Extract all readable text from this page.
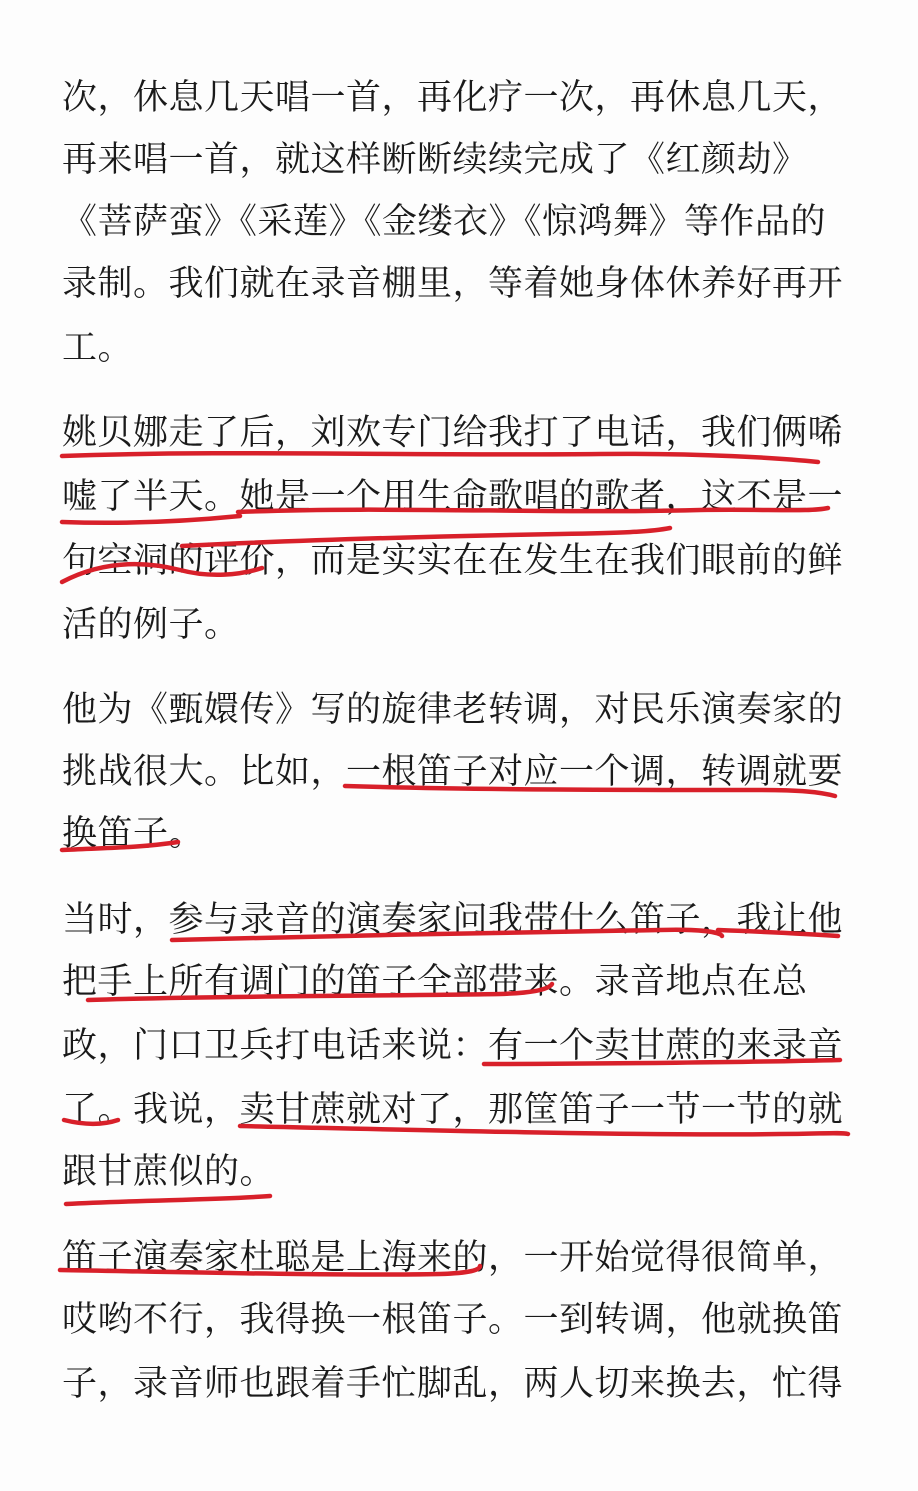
次，休息几天唱一首，再化疗一次，再休息几天，
再来唱一首，就这样断断续续完成了《红颜劫》
《菩萨蛮》《采莲》《金缕衣》《惊鸿舞》等作品的
录制。我们就在录音棚里，等着她身体休养好再开
工。
姚贝娜走了后，刘欢专门给我打了电话，我们俩唏
嘘了半天。她是一个用生命歌唱的歌者，这不是一
句空洞的评价，而是实实在在发生在我们眼前的鲜
活的例子。
他为《甄嬛传》写的旋律老转调，对民乐演奏家的
挑战很大。比如，一根笛子对应一个调，转调就要
换笛子。
当时，参与录音的演奏家问我带什么笛子，我让他
把手上所有调门的笛子全部带来。录音地点在总
政，门口卫兵打电话来说：有一个卖甘蔗的来录音
了。我说，卖甘蔗就对了，那筐笛子一节一节的就
跟甘蔗似的。
笛子演奏家杜聪是上海来的，一开始觉得很简单，
哎哟不行，我得换一根笛子。一到转调，他就换笛
子，录音师也跟着手忙脚乱，两人切来换去，忙得
